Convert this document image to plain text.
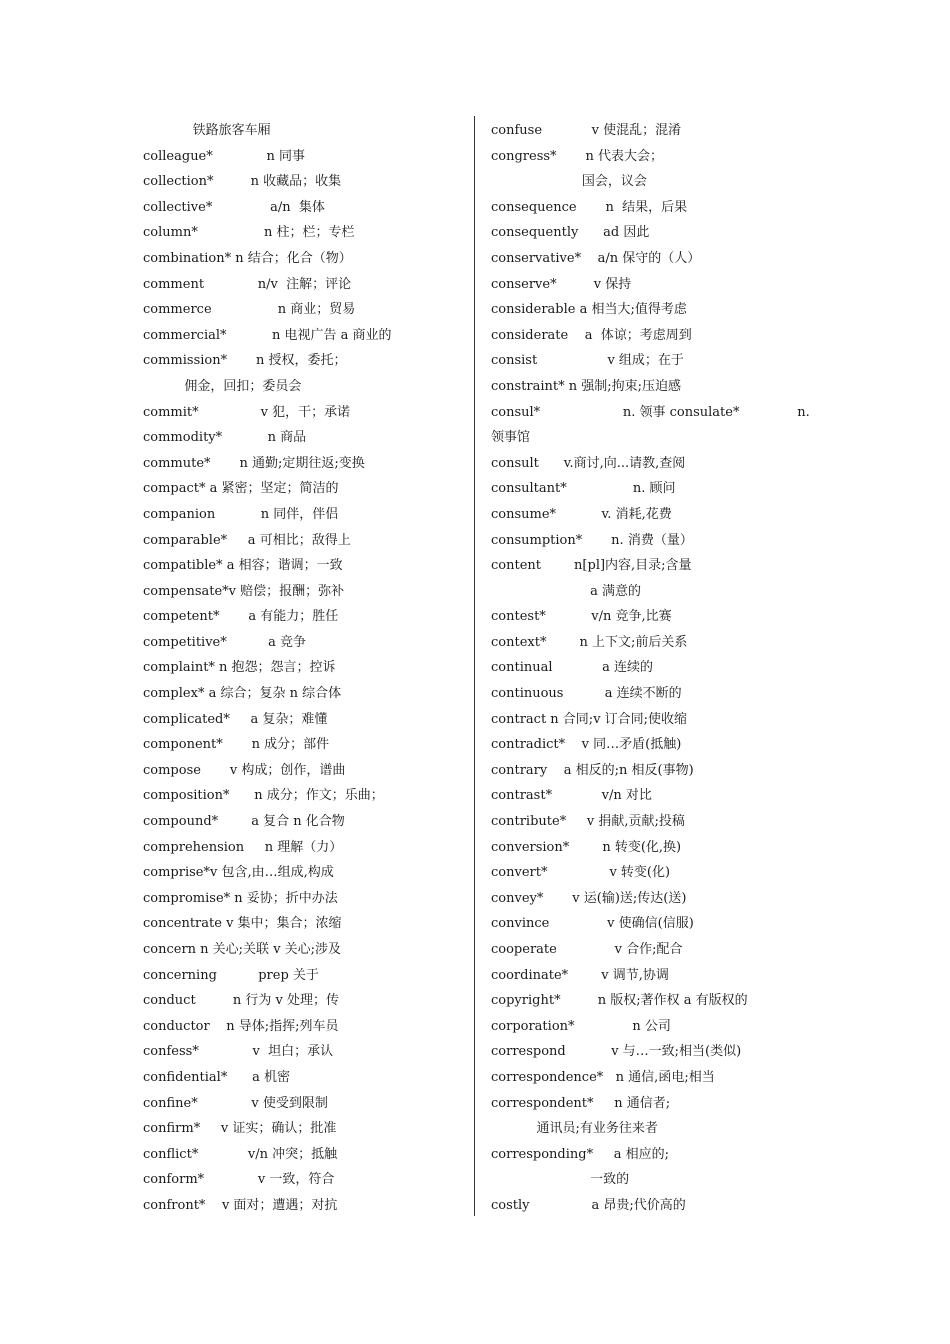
铁路旅客车厢
colleague*             n 同事
collection*         n 收藏品；收集
collective*              a/n  集体
column*                n 柱；栏；专栏
combination* n 结合；化合（物）
comment             n/v  注解；评论
commerce                n 商业；贸易
commercial*           n 电视广告 a 商业的
commission*       n 授权，委托；
佣金，回扣；委员会
commit*               v 犯，干；承诺
commodity*           n 商品
commute*       n 通勤;定期往返;变换
compact* a 紧密；坚定；简洁的
companion           n 同伴，伴侣
comparable*     a 可相比；敌得上
compatible* a 相容；谐调；一致
compensate*v 赔偿；报酬；弥补
competent*       a 有能力；胜任
competitive*          a 竞争
complaint* n 抱怨；怨言；控诉
complex* a 综合；复杂 n 综合体
complicated*     a 复杂；难懂
component*       n 成分；部件
compose       v 构成；创作，谱曲
composition*      n 成分；作文；乐曲；
compound*        a 复合 n 化合物
comprehension     n 理解（力）
comprise*v 包含,由…组成,构成
compromise* n 妥协；折中办法
concentrate v 集中；集合；浓缩
concern n 关心;关联 v 关心;涉及
concerning          prep 关于
conduct         n 行为 v 处理；传
conductor    n 导体;指挥;列车员
confess*             v  坦白；承认
confidential*      a 机密
confine*             v 使受到限制
confirm*     v 证实；确认；批准
conflict*            v/n 冲突；抵触
conform*             v 一致，符合
confront*    v 面对；遭遇；对抗
confuse            v 使混乱；混淆
congress*       n 代表大会；
国会，议会
consequence       n  结果，后果
consequently      ad 因此
conservative*    a/n 保守的（人）
conserve*         v 保持
considerable a 相当大;值得考虑
considerate    a  体谅；考虑周到
consist                 v 组成；在于
constraint* n 强制;拘束;压迫感
consul*                    n. 领事 consulate*              n.
领事馆
consult      v.商讨,向...请教,查阅
consultant*                n. 顾问
consume*           v. 消耗,花费
consumption*       n. 消费（量）
content        n[pl]内容,目录;含量
a 满意的
contest*           v/n 竞争,比赛
context*        n 上下文;前后关系
continual            a 连续的
continuous          a 连续不断的
contract n 合同;v 订合同;使收缩
contradict*    v 同…矛盾(抵触)
contrary    a 相反的;n 相反(事物)
contrast*            v/n 对比
contribute*     v 捐献,贡献;投稿
conversion*        n 转变(化,换)
convert*               v 转变(化)
convey*       v 运(输)送;传达(送)
convince              v 使确信(信服)
cooperate              v 合作;配合
coordinate*        v 调节,协调
copyright*         n 版权;著作权 a 有版权的
corporation*              n 公司
correspond           v 与…一致;相当(类似)
correspondence*   n 通信,函电;相当
correspondent*     n 通信者;
通讯员;有业务往来者
corresponding*     a 相应的;
一致的
costly               a 昂贵;代价高的
